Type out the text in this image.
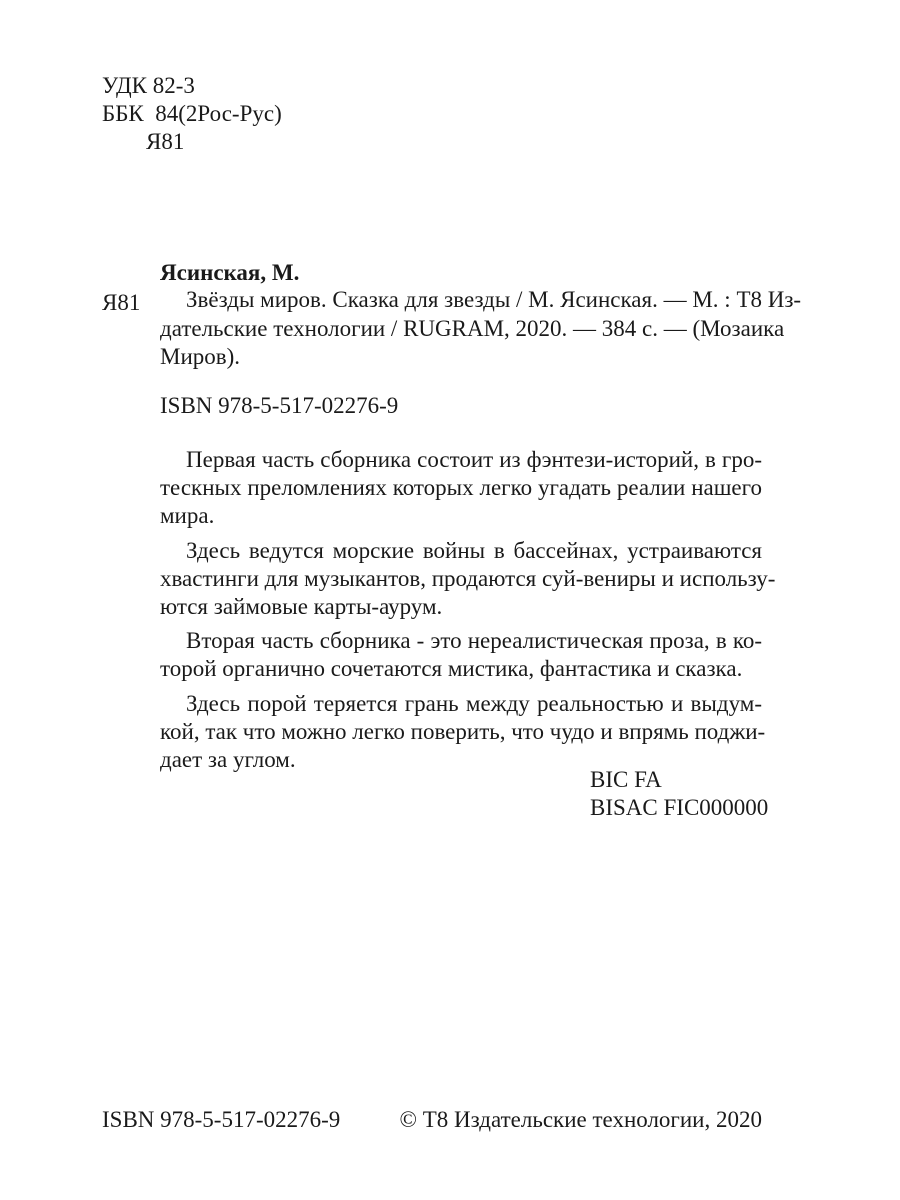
УДК 82-3
ББК  84(2Рос-Рус)
Я81
Ясинская, М.
Я81	Звёзды миров. Сказка для звезды / М. Ясинская. — М. : Т8 Из-
дательские технологии / RUGRAM, 2020. — 384 с. — (Мозаика
Миров).
ISBN 978-5-517-02276-9
Первая часть сборника состоит из фэнтези-историй, в гро-
тескных преломлениях которых легко угадать реалии нашего
мира.
Здесь ведутся морские войны в бассейнах, устраиваются
хвастинги для музыкантов, продаются суй-вениры и использу-
ются займовые карты-аурум.
Вторая часть сборника - это нереалистическая проза, в ко-
торой органично сочетаются мистика, фантастика и сказка.
Здесь порой теряется грань между реальностью и выдум-
кой, так что можно легко поверить, что чудо и впрямь поджи-
дает за углом.
BIC FA
BISAC FIC000000
ISBN 978-5-517-02276-9	© Т8 Издательские технологии, 2020
